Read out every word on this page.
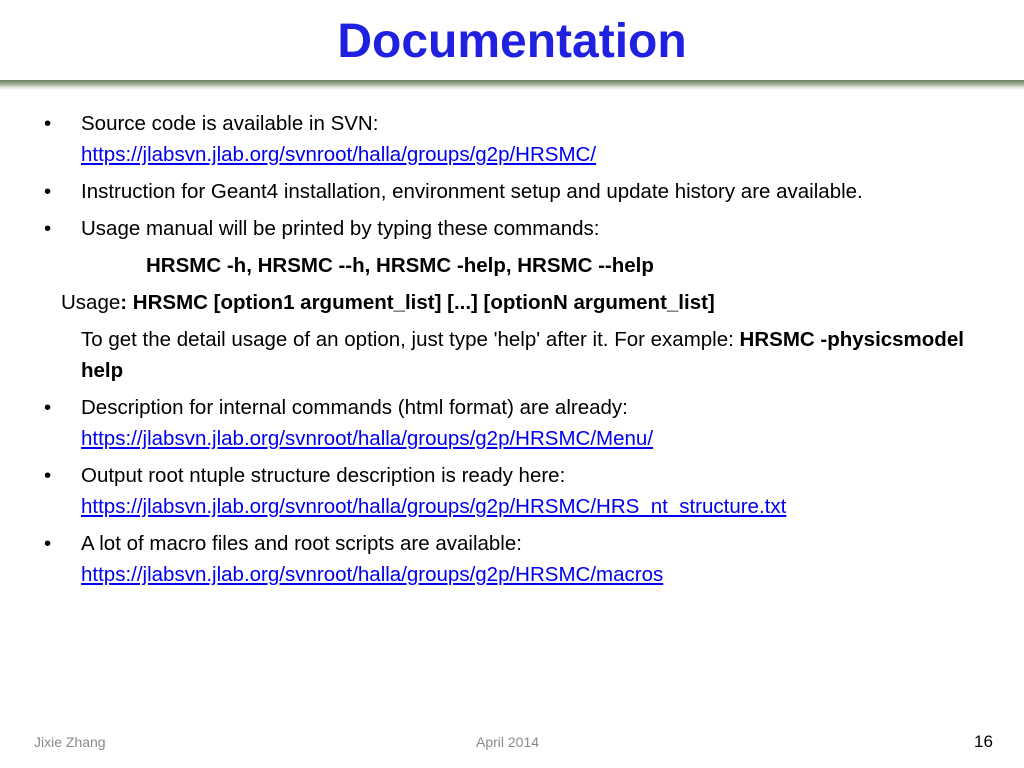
Documentation
• Source code is available in SVN:
https://jlabsvn.jlab.org/svnroot/halla/groups/g2p/HRSMC/
• Instruction for Geant4 installation, environment setup and update history are available.
• Usage manual will be printed by typing these commands:
HRSMC -h, HRSMC --h, HRSMC -help, HRSMC --help
Usage: HRSMC [option1 argument_list] [...] [optionN argument_list]
To get the detail usage of an option, just type 'help' after it. For example: HRSMC -physicsmodel help
• Description for internal commands (html format) are already:
https://jlabsvn.jlab.org/svnroot/halla/groups/g2p/HRSMC/Menu/
• Output root ntuple structure description is ready here:
https://jlabsvn.jlab.org/svnroot/halla/groups/g2p/HRSMC/HRS_nt_structure.txt
• A lot of macro files and root scripts are available:
https://jlabsvn.jlab.org/svnroot/halla/groups/g2p/HRSMC/macros
Jixie Zhang	April 2014	16
